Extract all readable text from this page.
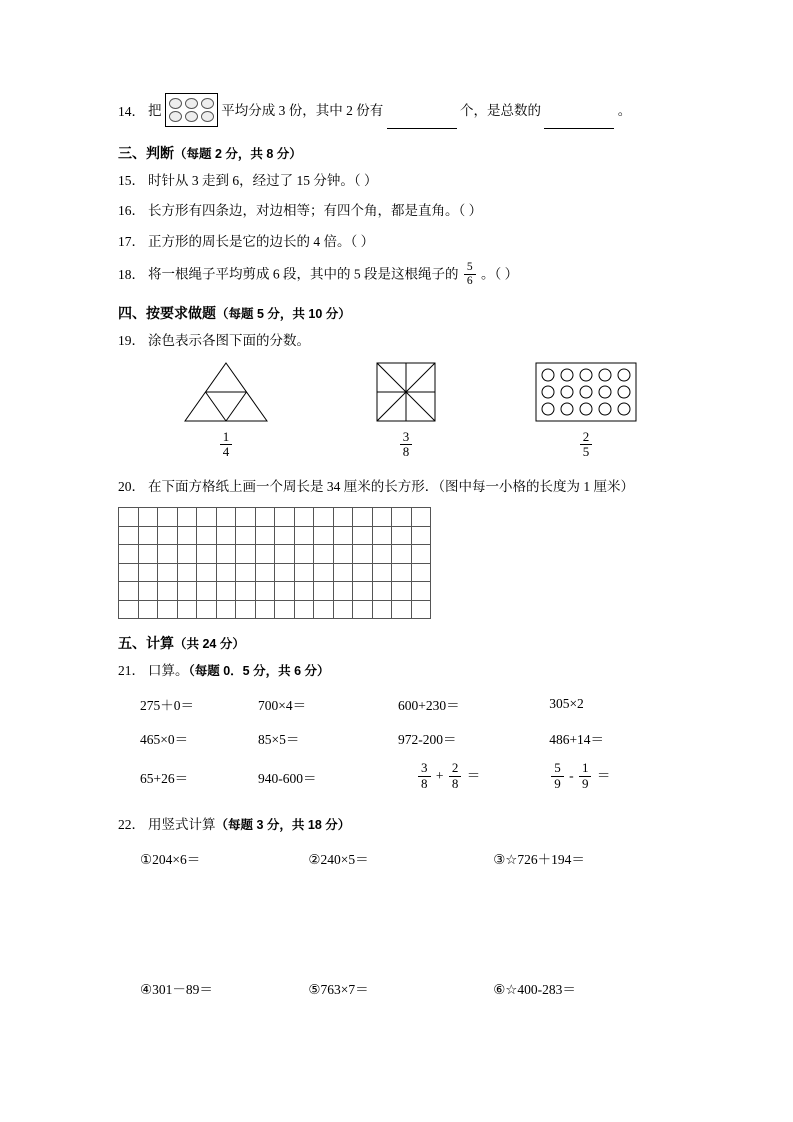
14． 把	平均分成 3 份，其中 2 份有	个，是总数的	。
三、判断（每题 2 分，共 8 分）
15． 时针从 3 走到 6，经过了 15 分钟。（ ）
16． 长方形有四条边，对边相等；有四个角，都是直角。（ ）
17． 正方形的周长是它的边长的 4 倍。（ ）
18． 将一根绳子平均剪成 6 段，其中的 5 段是这根绳子的 $\frac{5}{6}$ 。（ ）
四、按要求做题（每题 5 分，共 10 分）
19． 涂色表示各图下面的分数。
$\frac{1}{4}$	$\frac{3}{8}$	$\frac{2}{5}$
20． 在下面方格纸上画一个周长是 34 厘米的长方形．（图中每一小格的长度为 1 厘米）

五、计算（共 24 分）
21． 口算。（每题 0．5 分，共 6 分）
275＋0＝	700×4＝	600+230＝	305×2
465×0＝	85×5＝	972-200＝	486+14＝
65+26＝	940-600＝	$\frac{3}{8} + \frac{2}{8}$ ＝	$\frac{5}{9} - \frac{1}{9}$ ＝
22． 用竖式计算（每题 3 分，共 18 分）
①204×6＝	②240×5＝	③☆726＋194＝
④301－89＝	⑤763×7＝	⑥☆400-283＝
